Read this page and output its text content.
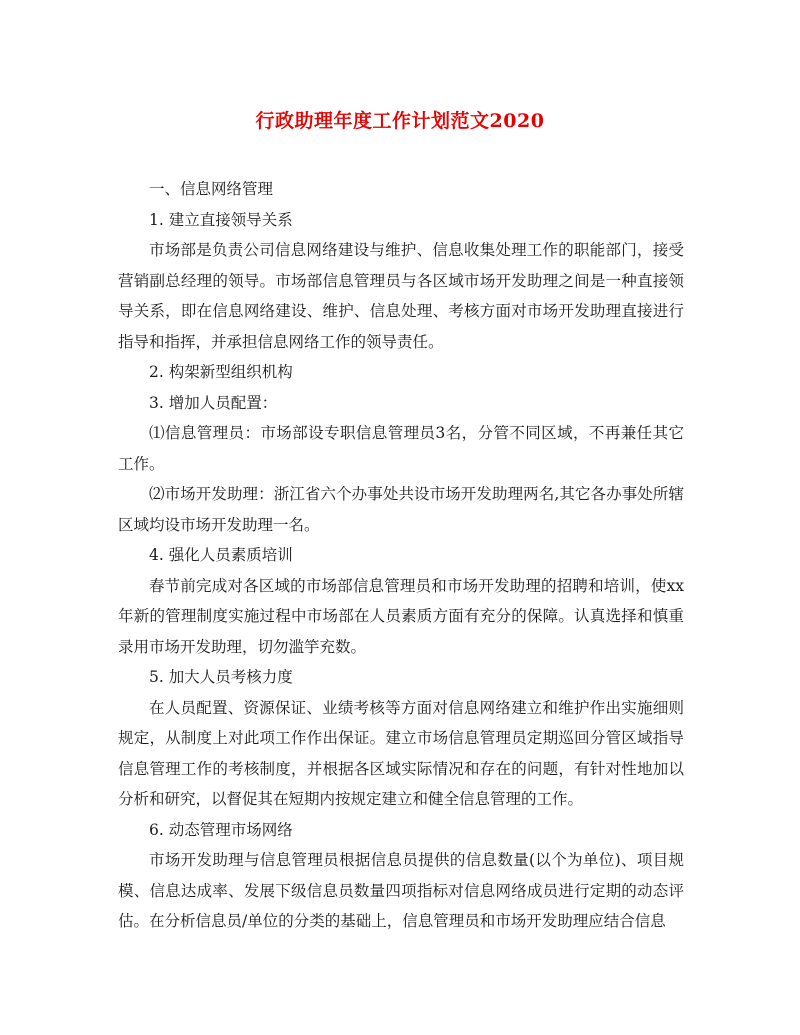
行政助理年度工作计划范文2020

一、信息网络管理

1. 建立直接领导关系

市场部是负责公司信息网络建设与维护、信息收集处理工作的职能部门，接受营销副总经理的领导。市场部信息管理员与各区域市场开发助理之间是一种直接领导关系，即在信息网络建设、维护、信息处理、考核方面对市场开发助理直接进行指导和指挥，并承担信息网络工作的领导责任。

2. 构架新型组织机构

3. 增加人员配置：

⑴信息管理员：市场部设专职信息管理员3名，分管不同区域，不再兼任其它工作。

⑵市场开发助理：浙江省六个办事处共设市场开发助理两名,其它各办事处所辖区域均设市场开发助理一名。

4. 强化人员素质培训

春节前完成对各区域的市场部信息管理员和市场开发助理的招聘和培训，使xx年新的管理制度实施过程中市场部在人员素质方面有充分的保障。认真选择和慎重录用市场开发助理，切勿滥竽充数。

5. 加大人员考核力度

在人员配置、资源保证、业绩考核等方面对信息网络建立和维护作出实施细则规定，从制度上对此项工作作出保证。建立市场信息管理员定期巡回分管区域指导信息管理工作的考核制度，并根据各区域实际情况和存在的问题，有针对性地加以分析和研究，以督促其在短期内按规定建立和健全信息管理的工作。

6. 动态管理市场网络

市场开发助理与信息管理员根据信息员提供的信息数量(以个为单位)、项目规模、信息达成率、发展下级信息员数量四项指标对信息网络成员进行定期的动态评估。在分析信息员/单位的分类的基础上，信息管理员和市场开发助理应结合信息
